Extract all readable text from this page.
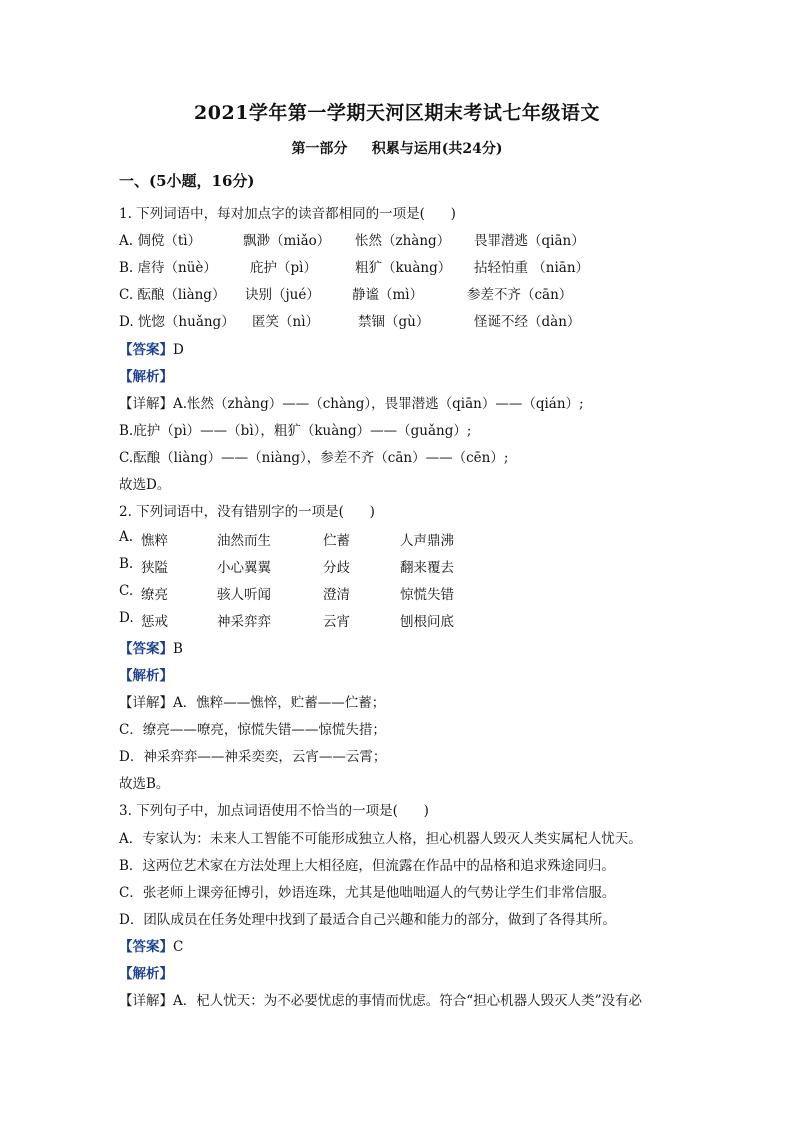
2021学年第一学期天河区期末考试七年级语文
第一部分     积累与运用(共24分)
一、(5小题，16分)
1. 下列词语中，每对加点字的读音都相同的一项是(      )
A. 倜傥（tì）	飘渺（miǎo） 怅然（zhàng） 畏罪潜逃（qiān）
B. 虐待（nüè） 庇护（pì）	粗犷（kuàng） 拈轻怕重 （niān）
C. 酝酿（liàng） 诀别（jué） 静谧（mì）	参差不齐（cān）
D. 恍惚（huǎng） 匿笑（nì）	禁锢（gù）	怪诞不经（dàn）
【答案】D
【解析】
【详解】A.怅然（zhàng）——（chàng），畏罪潜逃（qiān）——（qián）;
B.庇护（pì）——（bì），粗犷（kuàng）——（guǎng）;
C.酝酿（liàng）——（niàng），参差不齐（cān）——（cēn）;
故选D。
2. 下列词语中，没有错别字的一项是(      )
A. 憔粹	油然而生	伫蓄	人声鼎沸
B. 狭隘	小心翼翼	分歧	翻来覆去
C. 缭亮	骇人听闻	澄清	惊慌失错
D. 惩戒	神采弈弈	云宵	刨根问底
【答案】B
【解析】
【详解】A．憔粹——憔悴，贮蓄——伫蓄；
C．缭亮——嘹亮，惊慌失错——惊慌失措；
D．神采弈弈——神采奕奕，云宵——云霄；
故选B。
3. 下列句子中，加点词语使用不恰当的一项是(      )
A．专家认为：未来人工智能不可能形成独立人格，担心机器人毁灭人类实属杞人忧天。
B．这两位艺术家在方法处理上大相径庭，但流露在作品中的品格和追求殊途同归。
C．张老师上课旁征博引，妙语连珠，尤其是他咄咄逼人的气势让学生们非常信服。
D．团队成员在任务处理中找到了最适合自己兴趣和能力的部分，做到了各得其所。
【答案】C
【解析】
【详解】A．杞人忧天：为不必要忧虑的事情而忧虑。符合“担心机器人毁灭人类”没有必
